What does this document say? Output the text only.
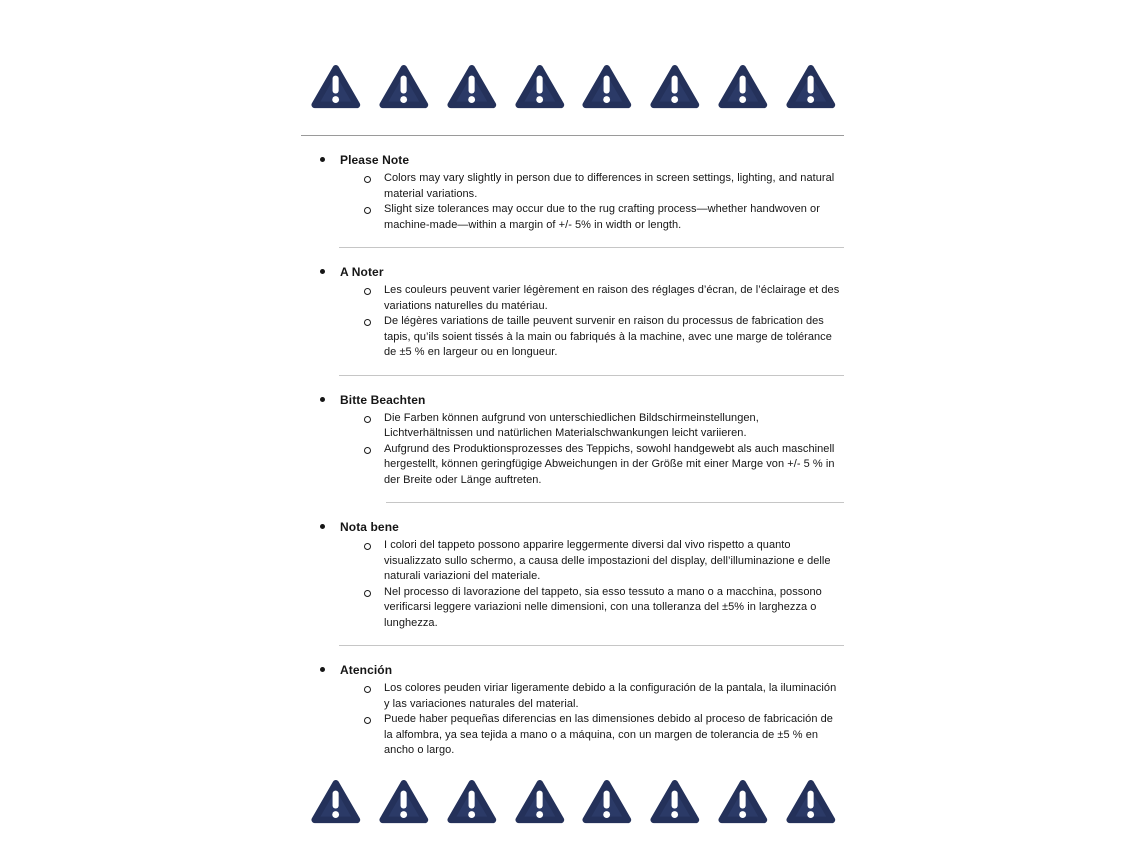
Please Note
Colors may vary slightly in person due to differences in screen settings, lighting, and natural material variations.
Slight size tolerances may occur due to the rug crafting process—whether handwoven or machine-made—within a margin of +/- 5% in width or length.
A Noter
Les couleurs peuvent varier légèrement en raison des réglages d’écran, de l’éclairage et des variations naturelles du matériau.
De légères variations de taille peuvent survenir en raison du processus de fabrication des tapis, qu’ils soient tissés à la main ou fabriqués à la machine, avec une marge de tolérance de ±5 % en largeur ou en longueur.
Bitte Beachten
Die Farben können aufgrund von unterschiedlichen Bildschirmeinstellungen, Lichtverhältnissen und natürlichen Materialschwankungen leicht variieren.
Aufgrund des Produktionsprozesses des Teppichs, sowohl handgewebt als auch maschinell hergestellt, können geringfügige Abweichungen in der Größe mit einer Marge von +/- 5 % in der Breite oder Länge auftreten.
Nota bene
I colori del tappeto possono apparire leggermente diversi dal vivo rispetto a quanto visualizzato sullo schermo, a causa delle impostazioni del display, dell’illuminazione e delle naturali variazioni del materiale.
Nel processo di lavorazione del tappeto, sia esso tessuto a mano o a macchina, possono verificarsi leggere variazioni nelle dimensioni, con una tolleranza del ±5% in larghezza o lunghezza.
Atención
Los colores peuden viriar ligeramente debido a la configuración de la pantala, la iluminación y las variaciones naturales del material.
Puede haber pequeñas diferencias en las dimensiones debido al proceso de fabricación de la alfombra, ya sea tejida a mano o a máquina, con un margen de tolerancia de ±5 % en ancho o largo.
